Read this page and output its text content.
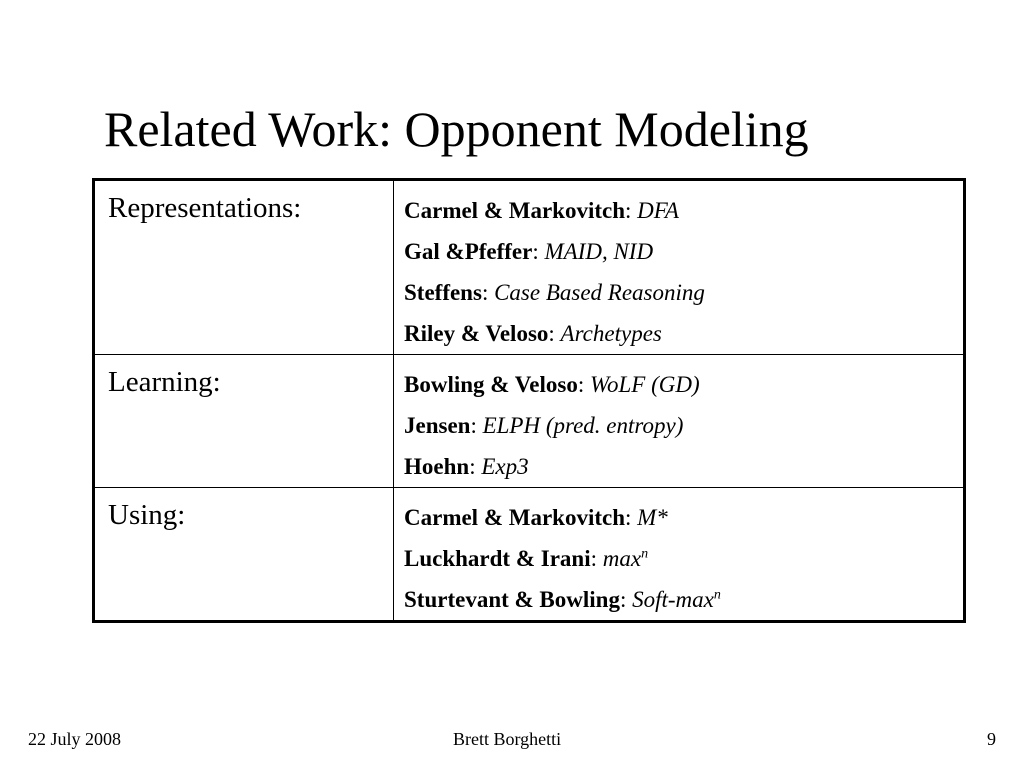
Related Work: Opponent Modeling
Representations:	Carmel & Markovitch: DFA
Gal &Pfeffer: MAID, NID
Steffens: Case Based Reasoning
Riley & Veloso: Archetypes

Learning:	Bowling & Veloso: WoLF (GD)
Jensen: ELPH (pred. entropy)
Hoehn: Exp3

Using:	Carmel & Markovitch: M*
Luckhardt & Irani: $\max^n$
Sturtevant & Bowling: Soft-$\max^n$
22 July 2008	Brett Borghetti	9
